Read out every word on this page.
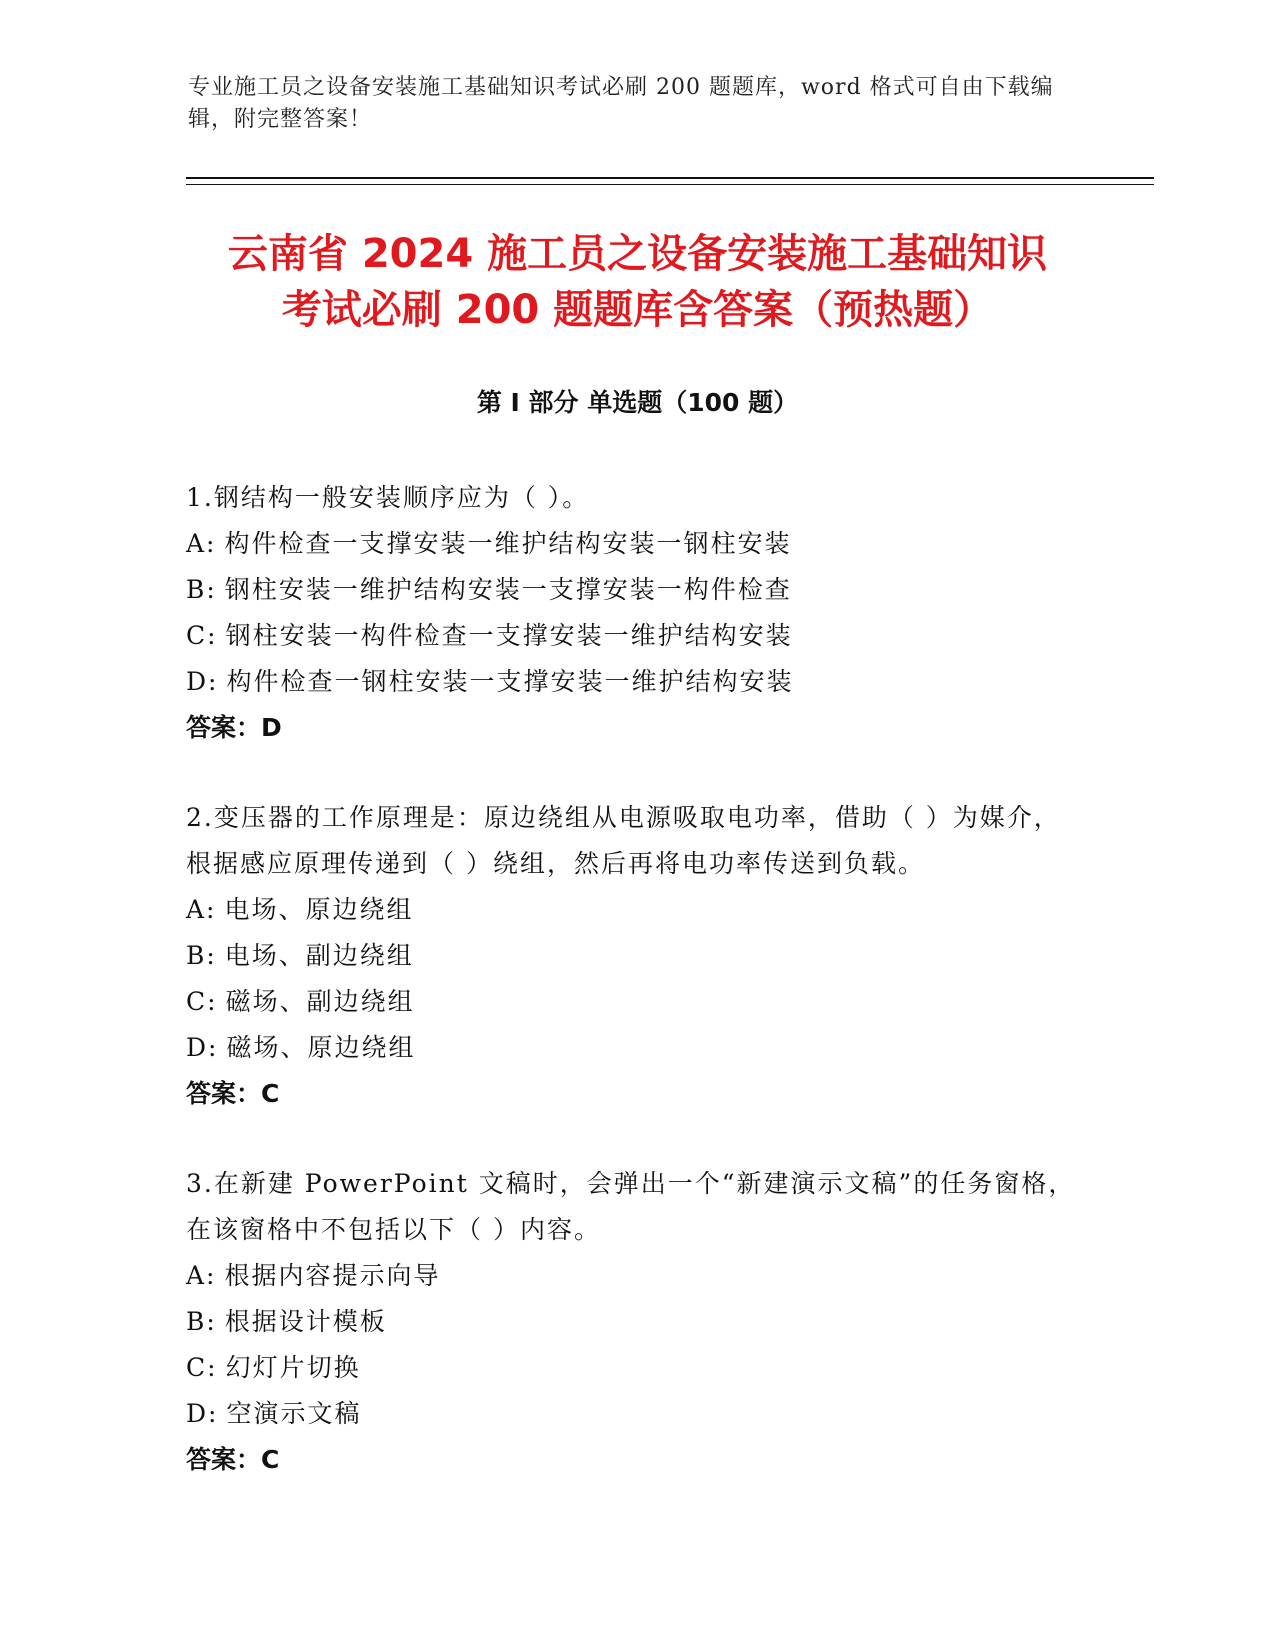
专业施工员之设备安装施工基础知识考试必刷 200 题题库，word 格式可自由下载编辑，附完整答案！
云南省 2024 施工员之设备安装施工基础知识
考试必刷 200 题题库含答案（预热题）
第 I 部分 单选题（100 题）
1.钢结构一般安装顺序应为（ ）。
A: 构件检查一支撑安装一维护结构安装一钢柱安装
B: 钢柱安装一维护结构安装一支撑安装一构件检查
C: 钢柱安装一构件检查一支撑安装一维护结构安装
D: 构件检查一钢柱安装一支撑安装一维护结构安装
答案：D
2.变压器的工作原理是：原边绕组从电源吸取电功率，借助（ ）为媒介，根据感应原理传递到（ ）绕组，然后再将电功率传送到负载。
A: 电场、原边绕组
B: 电场、副边绕组
C: 磁场、副边绕组
D: 磁场、原边绕组
答案：C
3.在新建 PowerPoint 文稿时，会弹出一个“新建演示文稿”的任务窗格，在该窗格中不包括以下（ ）内容。
A: 根据内容提示向导
B: 根据设计模板
C: 幻灯片切换
D: 空演示文稿
答案：C
